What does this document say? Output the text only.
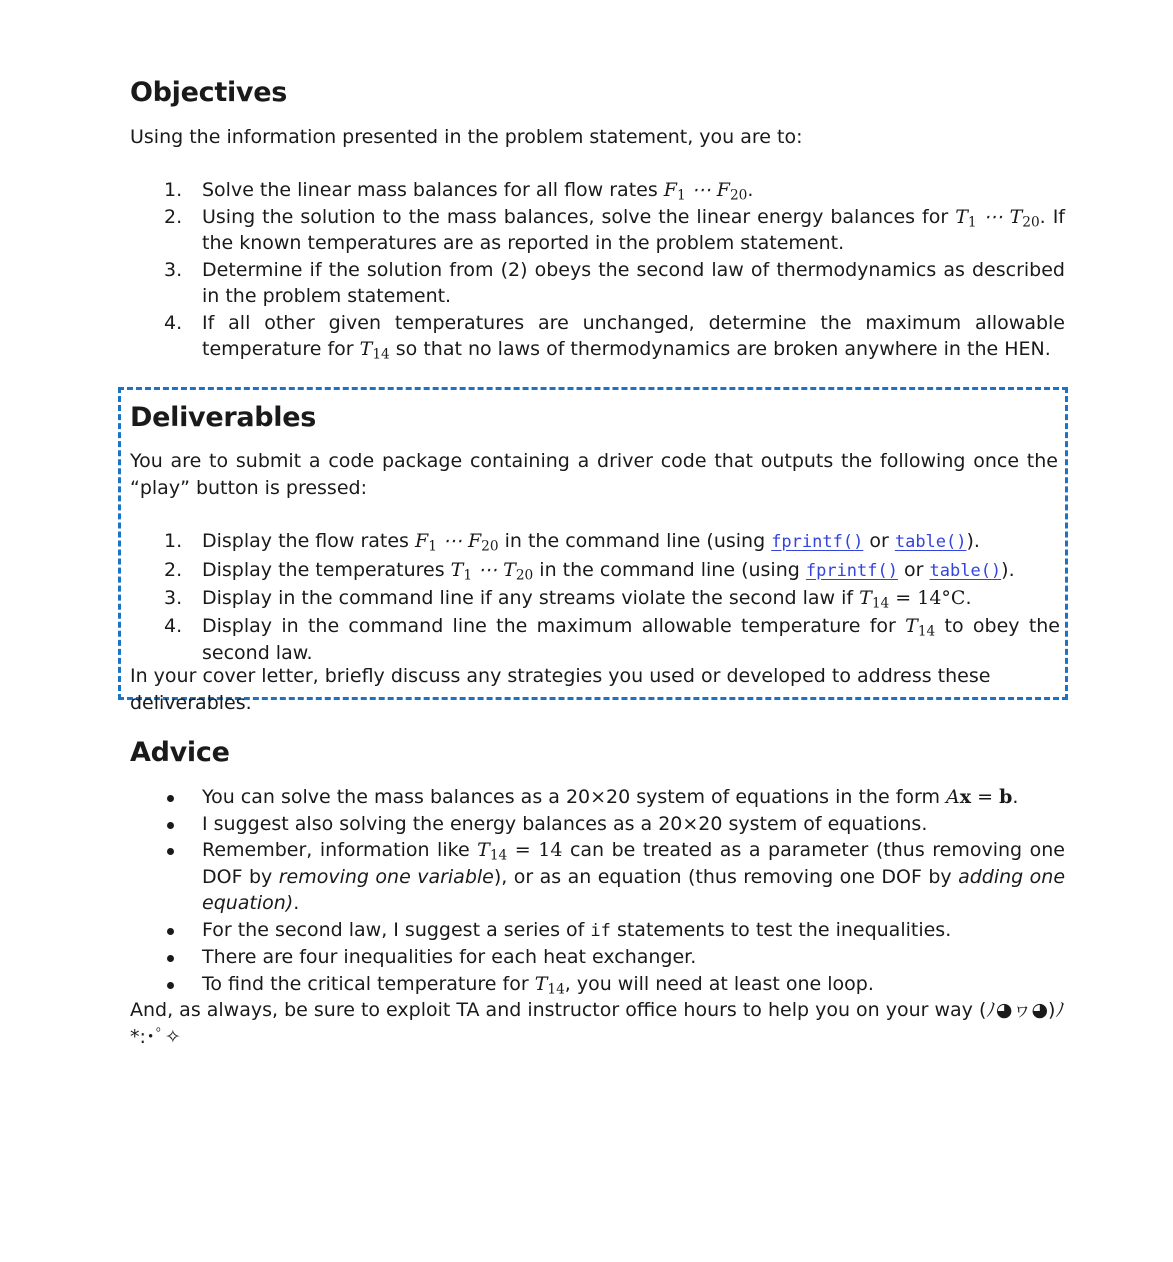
Objectives
Using the information presented in the problem statement, you are to:
1. Solve the linear mass balances for all flow rates $F_1$ ⋯ $F_{20}$.
2. Using the solution to the mass balances, solve the linear energy balances for $T_1$ ⋯ $T_{20}$. If the known temperatures are as reported in the problem statement.
3. Determine if the solution from (2) obeys the second law of thermodynamics as described in the problem statement.
4. If all other given temperatures are unchanged, determine the maximum allowable temperature for $T_{14}$ so that no laws of thermodynamics are broken anywhere in the HEN.
Deliverables
You are to submit a code package containing a driver code that outputs the following once the “play” button is pressed:
1. Display the flow rates $F_1$ ⋯ $F_{20}$ in the command line (using fprintf() or table()).
2. Display the temperatures $T_1$ ⋯ $T_{20}$ in the command line (using fprintf() or table()).
3. Display in the command line if any streams violate the second law if $T_{14} = 14^\circ C$.
4. Display in the command line the maximum allowable temperature for $T_{14}$ to obey the second law.
In your cover letter, briefly discuss any strategies you used or developed to address these deliverables.
Advice
You can solve the mass balances as a 20×20 system of equations in the form Ax = b.
I suggest also solving the energy balances as a 20×20 system of equations.
Remember, information like $T_{14} = 14$ can be treated as a parameter (thus removing one DOF by removing one variable), or as an equation (thus removing one DOF by adding one equation).
For the second law, I suggest a series of if statements to test the inequalities.
There are four inequalities for each heat exchanger.
To find the critical temperature for $T_{14}$, you will need at least one loop.
And, as always, be sure to exploit TA and instructor office hours to help you on your way (ﾉ◕ヮ◕)ﾉ*:･ﾟ✧
